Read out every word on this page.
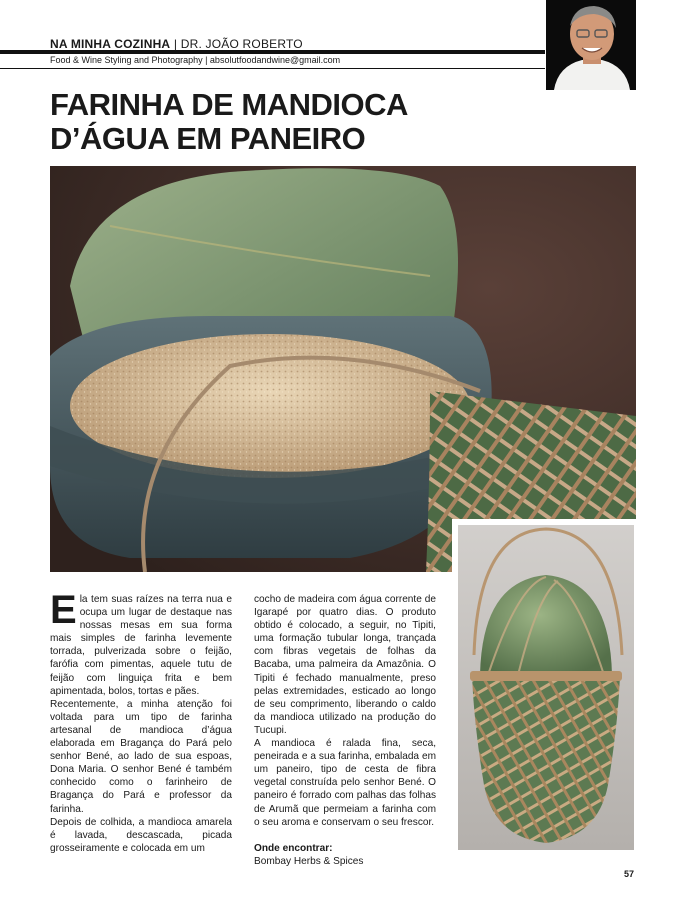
NA MINHA COZINHA | DR. JOÃO ROBERTO
Food & Wine Styling and Photography | absolutfoodandwine@gmail.com
FARINHA DE MANDIOCA
D’ÁGUA EM PANEIRO

Ela tem suas raízes na terra nua e ocupa um lugar de destaque nas nossas mesas em sua forma mais simples de farinha levemente torrada, pulverizada sobre o feijão, farófia com pimentas, aquele tutu de feijão com linguiça frita e bem apimentada, bolos, tortas e pães.

Recentemente, a minha atenção foi voltada para um tipo de farinha artesanal de mandioca d’água elaborada em Bragança do Pará pelo senhor Bené, ao lado de sua espoas, Dona Maria. O senhor Bené é também conhecido como o farinheiro de Bragança do Pará e professor da farinha.

Depois de colhida, a mandioca amarela é lavada, descascada, picada grosseiramente e colocada em um

cocho de madeira com água corrente de Igarapé por quatro dias. O produto obtido é colocado, a seguir, no Tipiti, uma formação tubular longa, trançada com fibras vegetais de folhas da Bacaba, uma palmeira da Amazônia. O Tipiti é fechado manualmente, preso pelas extremidades, esticado ao longo de seu comprimento, liberando o caldo da mandioca utilizado na produção do Tucupi.

A mandioca é ralada fina, seca, peneirada e a sua farinha, embalada em um paneiro, tipo de cesta de fibra vegetal construída pelo senhor Bené. O paneiro é forrado com palhas das folhas de Arumã que permeiam a farinha com o seu aroma e conservam o seu frescor.

Onde encontrar:

Bombay Herbs & Spices

57
